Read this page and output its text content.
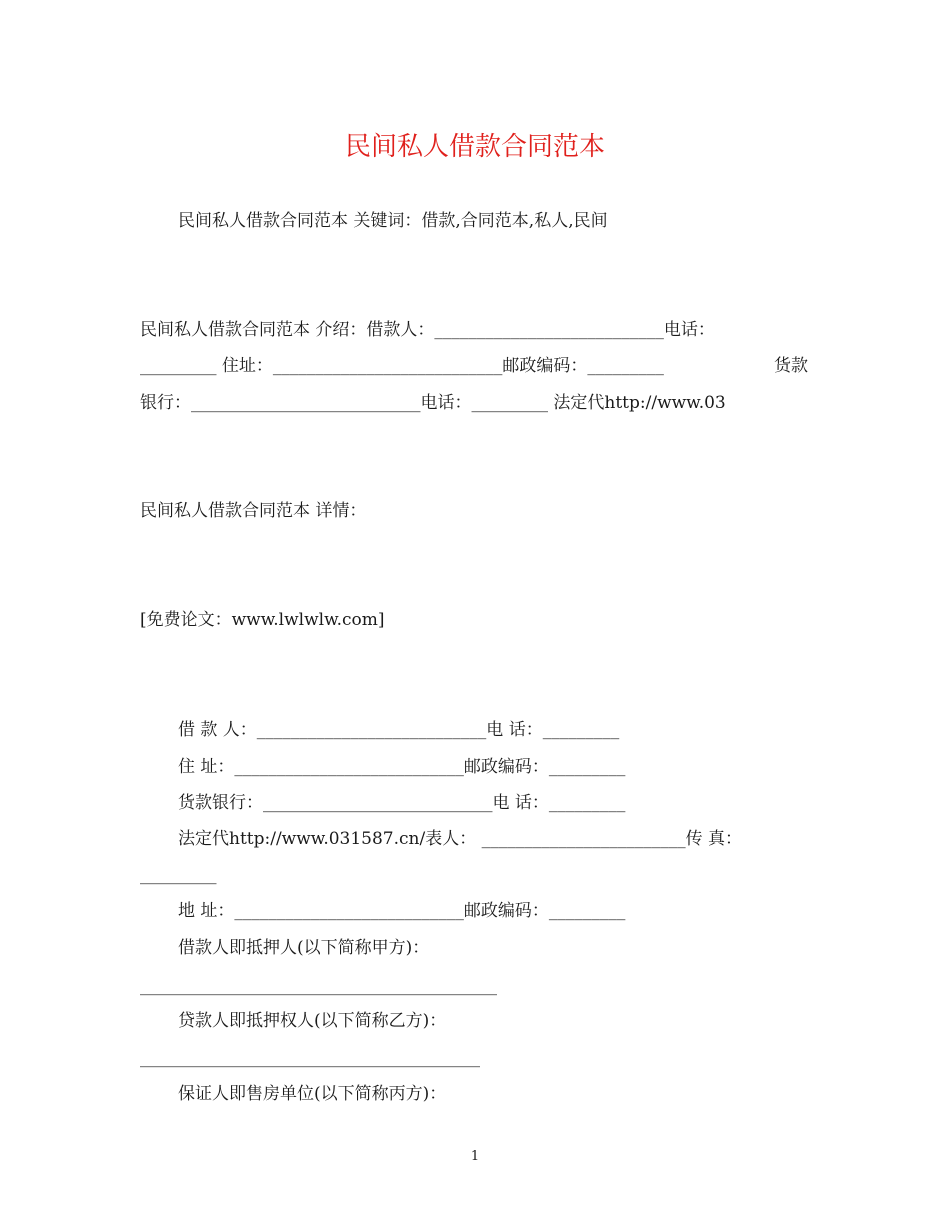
民间私人借款合同范本
民间私人借款合同范本 关键词：借款,合同范本,私人,民间
民间私人借款合同范本 介绍：借款人：___________________________电话：
_________ 住址：___________________________邮政编码：_________	货款
银行：___________________________电话：_________ 法定代http://www.03
民间私人借款合同范本 详情：
[免费论文：www.lwlwlw.com]
借 款 人：___________________________电 话：_________
住 址：___________________________邮政编码：_________
货款银行：___________________________电 话：_________
法定代http://www.031587.cn/表人： ________________________传 真：
_________
地 址：___________________________邮政编码：_________
借款人即抵押人(以下简称甲方)：
__________________________________________
贷款人即抵押权人(以下简称乙方)：
________________________________________
保证人即售房单位(以下简称丙方)：
1
